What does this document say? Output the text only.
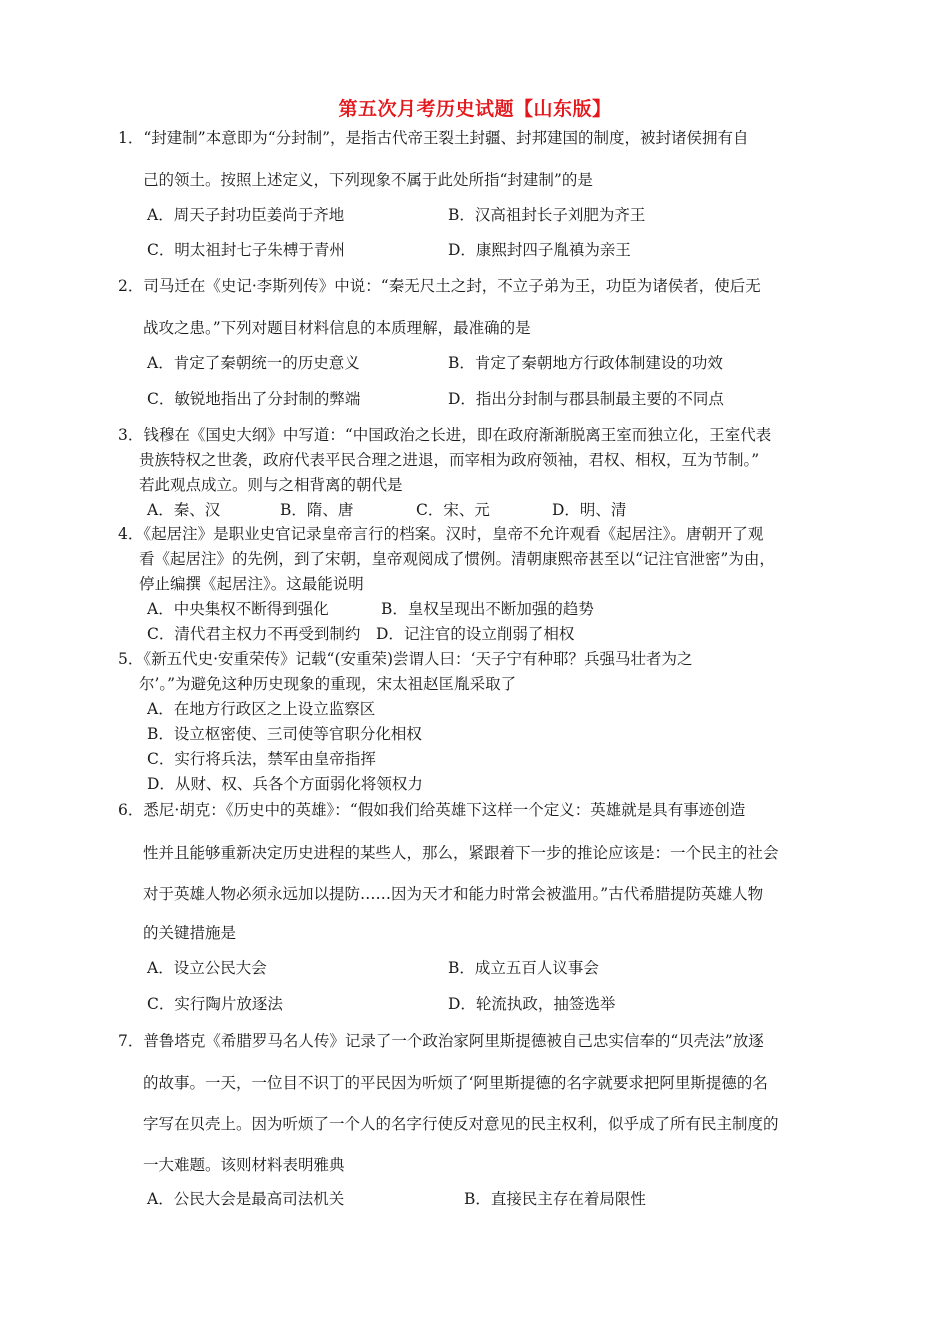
第五次月考历史试题【山东版】
1．“封建制”本意即为“分封制”，是指古代帝王裂土封疆、封邦建国的制度，被封诸侯拥有自
己的领土。按照上述定义，下列现象不属于此处所指“封建制”的是
A．周天子封功臣姜尚于齐地	B．汉高祖封长子刘肥为齐王
C．明太祖封七子朱榑于青州	D．康熙封四子胤禛为亲王
2．司马迁在《史记·李斯列传》中说：“秦无尺土之封，不立子弟为王，功臣为诸侯者，使后无
战攻之患。”下列对题目材料信息的本质理解，最准确的是
A．肯定了秦朝统一的历史意义	B．肯定了秦朝地方行政体制建设的功效
C．敏锐地指出了分封制的弊端	D．指出分封制与郡县制最主要的不同点
3．钱穆在《国史大纲》中写道：“中国政治之长进，即在政府渐渐脱离王室而独立化，王室代表
贵族特权之世袭，政府代表平民合理之进退，而宰相为政府领袖，君权、相权，互为节制。”
若此观点成立。则与之相背离的朝代是
A．秦、汉	B．隋、唐	C．宋、元	D．明、清
4．《起居注》是职业史官记录皇帝言行的档案。汉时，皇帝不允许观看《起居注》。唐朝开了观
看《起居注》的先例，到了宋朝，皇帝观阅成了惯例。清朝康熙帝甚至以“记注官泄密”为由，
停止编撰《起居注》。这最能说明
A．中央集权不断得到强化	B．皇权呈现出不断加强的趋势
C．清代君主权力不再受到制约 D．记注官的设立削弱了相权
5．《新五代史·安重荣传》记载“(安重荣)尝谓人曰：‘天子宁有种耶？兵强马壮者为之
尔’。”为避免这种历史现象的重现，宋太祖赵匡胤采取了
A．在地方行政区之上设立监察区
B．设立枢密使、三司使等官职分化相权
C．实行将兵法，禁军由皇帝指挥
D．从财、权、兵各个方面弱化将领权力
6．悉尼·胡克：《历史中的英雄》：“假如我们给英雄下这样一个定义：英雄就是具有事迹创造
性并且能够重新决定历史进程的某些人，那么，紧跟着下一步的推论应该是：一个民主的社会
对于英雄人物必须永远加以提防……因为天才和能力时常会被滥用。”古代希腊提防英雄人物
的关键措施是
A．设立公民大会	B．成立五百人议事会
C．实行陶片放逐法	D．轮流执政，抽签选举
7．普鲁塔克《希腊罗马名人传》记录了一个政治家阿里斯提德被自己忠实信奉的“贝壳法”放逐
的故事。一天，一位目不识丁的平民因为听烦了‘阿里斯提德的名字就要求把阿里斯提德的名
字写在贝壳上。因为听烦了一个人的名字行使反对意见的民主权利，似乎成了所有民主制度的
一大难题。该则材料表明雅典
A．公民大会是最高司法机关	B．直接民主存在着局限性
